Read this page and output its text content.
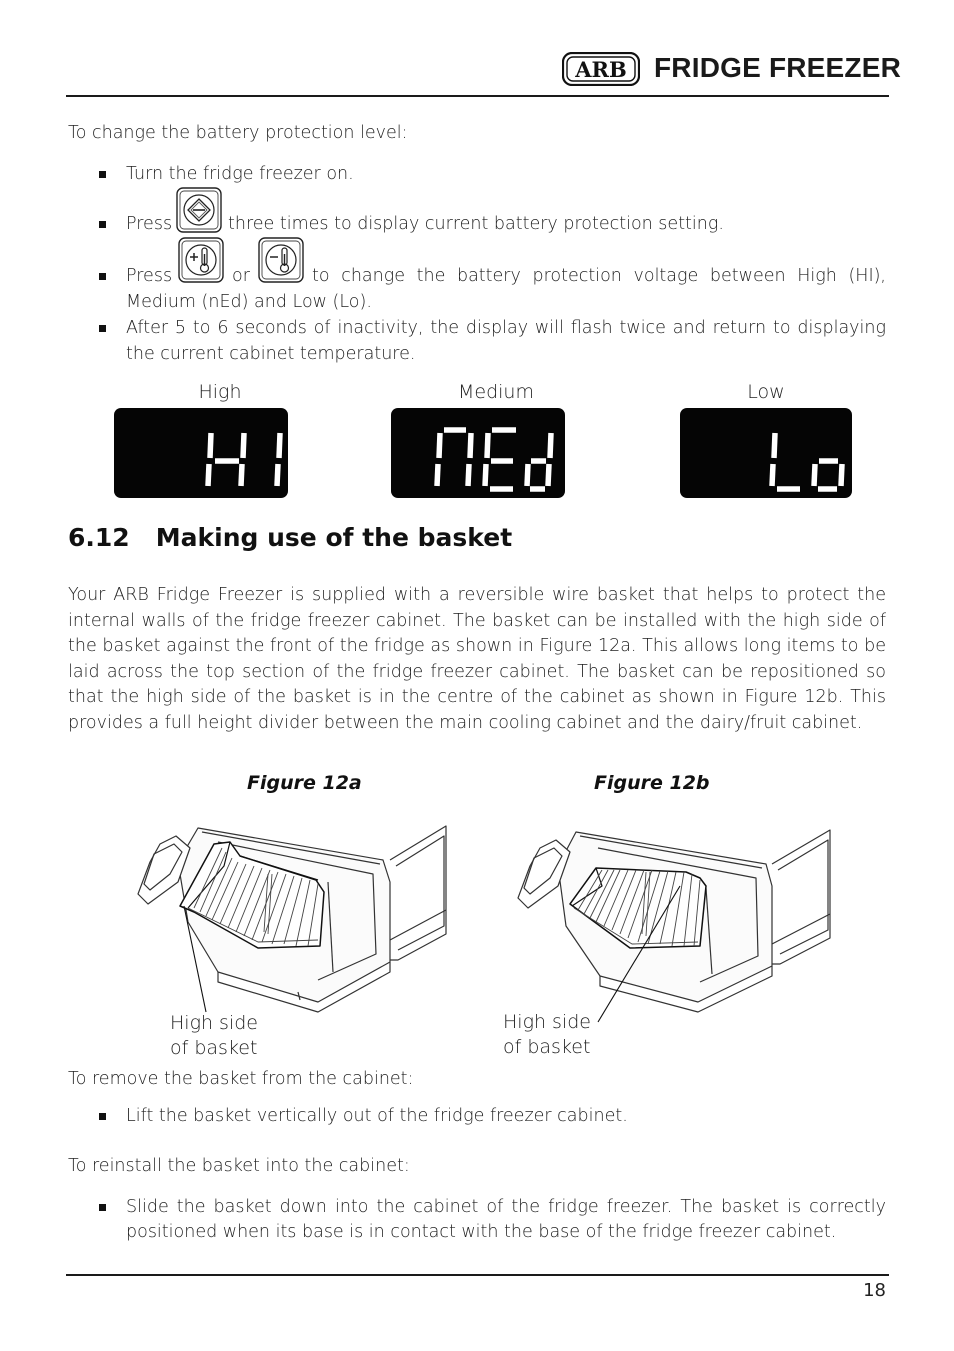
ARB FRIDGE FREEZER
To change the battery protection level:
Turn the fridge freezer on.
Press	three times to display current battery protection setting.
Press	or	to change the battery protection voltage between High (HI),
Medium (nEd) and Low (Lo).
After 5 to 6 seconds of inactivity, the display will flash twice and return to displaying the current cabinet temperature.
High	Medium	Low
6.12   Making use of the basket
Your ARB Fridge Freezer is supplied with a reversible wire basket that helps to protect the internal walls of the fridge freezer cabinet. The basket can be installed with the high side of the basket against the front of the fridge as shown in Figure 12a. This allows long items to be laid across the top section of the fridge freezer cabinet. The basket can be repositioned so that the high side of the basket is in the centre of the cabinet as shown in Figure 12b. This provides a full height divider between the main cooling cabinet and the dairy/fruit cabinet.
Figure 12a	Figure 12b
High side
of basket
High side
of basket
To remove the basket from the cabinet:
Lift the basket vertically out of the fridge freezer cabinet.
To reinstall the basket into the cabinet:
Slide the basket down into the cabinet of the fridge freezer. The basket is correctly
positioned when its base is in contact with the base of the fridge freezer cabinet.
18
